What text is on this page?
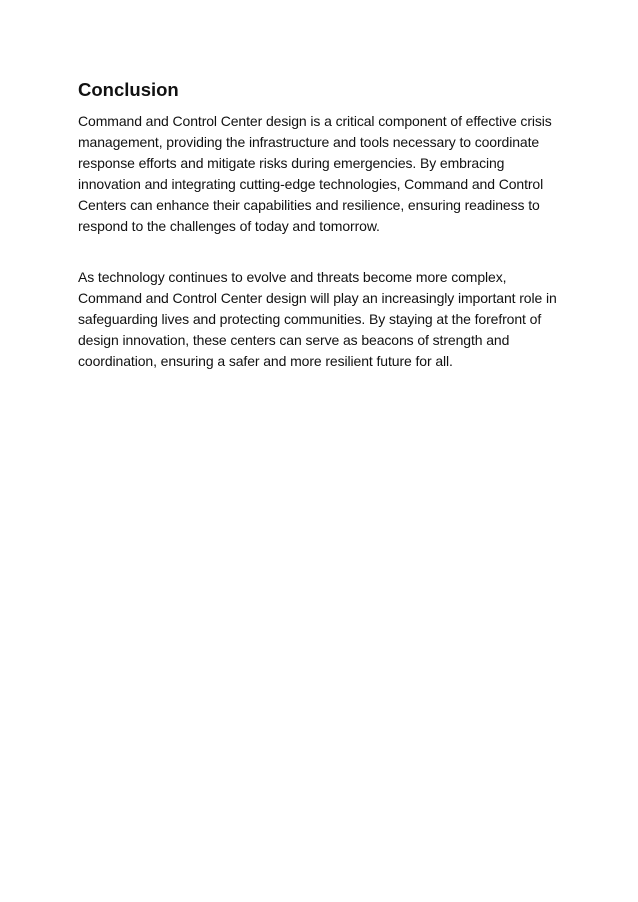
Conclusion

Command and Control Center design is a critical component of effective crisis management, providing the infrastructure and tools necessary to coordinate response efforts and mitigate risks during emergencies. By embracing innovation and integrating cutting-edge technologies, Command and Control Centers can enhance their capabilities and resilience, ensuring readiness to respond to the challenges of today and tomorrow.

As technology continues to evolve and threats become more complex, Command and Control Center design will play an increasingly important role in safeguarding lives and protecting communities. By staying at the forefront of design innovation, these centers can serve as beacons of strength and coordination, ensuring a safer and more resilient future for all.
